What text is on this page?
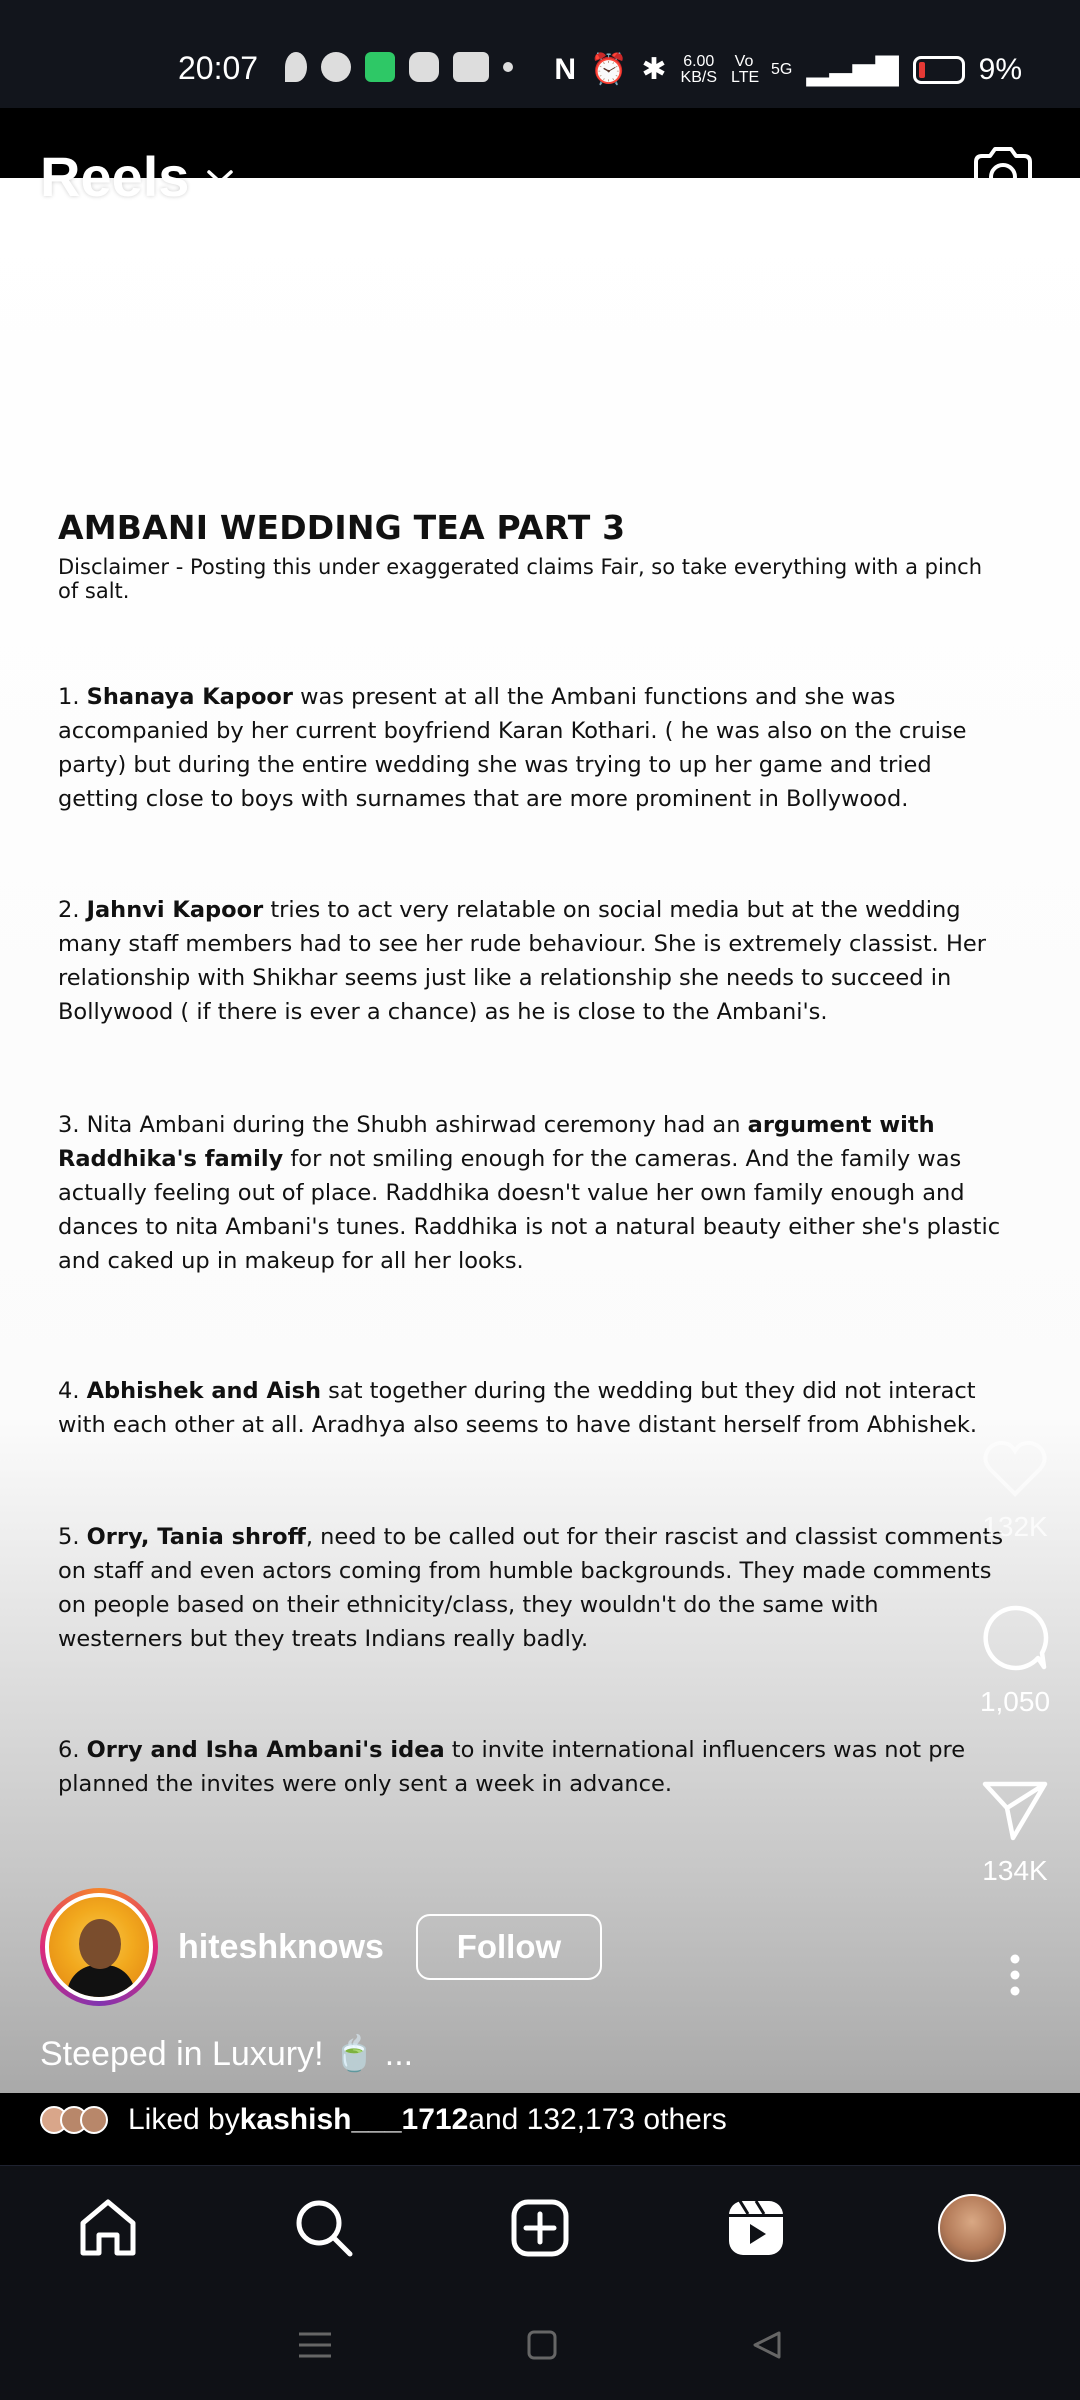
20:07	N ⏰ ✱ 6.00
KB/S
Vo LTE 5G ▂▃▅▇	9%
Reels
AMBANI WEDDING TEA PART 3
Disclaimer - Posting this under exaggerated claims Fair, so take everything with a pinch of salt.
1. Shanaya Kapoor was present at all the Ambani functions and she was accompanied by her current boyfriend Karan Kothari. ( he was also on the cruise party) but during the entire wedding she was trying to up her game and tried getting close to boys with surnames that are more prominent in Bollywood.
2. Jahnvi Kapoor tries to act very relatable on social media but at the wedding many staff members had to see her rude behaviour. She is extremely classist. Her relationship with Shikhar seems just like a relationship she needs to succeed in Bollywood ( if there is ever a chance) as he is close to the Ambani's.
3. Nita Ambani during the Shubh ashirwad ceremony had an argument with Raddhika's family for not smiling enough for the cameras. And the family was actually feeling out of place. Raddhika doesn't value her own family enough and dances to nita Ambani's tunes. Raddhika is not a natural beauty either she's plastic and caked up in makeup for all her looks.
4. Abhishek and Aish sat together during the wedding but they did not interact with each other at all. Aradhya also seems to have distant herself from Abhishek.
5. Orry, Tania shroff, need to be called out for their rascist and classist comments on staff and even actors coming from humble backgrounds. They made comments on people based on their ethnicity/class, they wouldn't do the same with westerners but they treats Indians really badly.
6. Orry and Isha Ambani's idea to invite international influencers was not pre planned the invites were only sent a week in advance.
132K
1,050
134K
hiteshknows	Follow
Steeped in Luxury! 🍵 ...
Liked by kashish___1712 and 132,173 others
